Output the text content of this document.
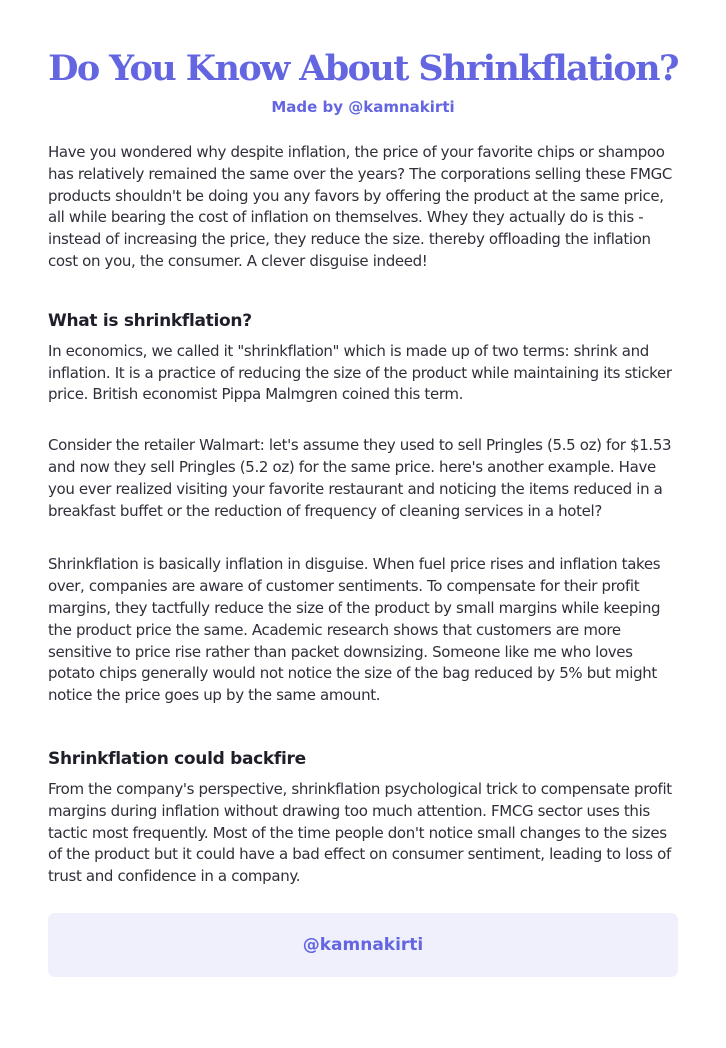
Do You Know About Shrinkflation?
Made by @kamnakirti

Have you wondered why despite inflation, the price of your favorite chips or shampoo has relatively remained the same over the years? The corporations selling these FMGC products shouldn't be doing you any favors by offering the product at the same price, all while bearing the cost of inflation on themselves. Whey they actually do is this - instead of increasing the price, they reduce the size. thereby offloading the inflation cost on you, the consumer. A clever disguise indeed!

What is shrinkflation?

In economics, we called it "shrinkflation" which is made up of two terms: shrink and inflation. It is a practice of reducing the size of the product while maintaining its sticker price. British economist Pippa Malmgren coined this term.

Consider the retailer Walmart: let's assume they used to sell Pringles (5.5 oz) for $1.53 and now they sell Pringles (5.2 oz) for the same price. here's another example. Have you ever realized visiting your favorite restaurant and noticing the items reduced in a breakfast buffet or the reduction of frequency of cleaning services in a hotel?

Shrinkflation is basically inflation in disguise. When fuel price rises and inflation takes over, companies are aware of customer sentiments. To compensate for their profit margins, they tactfully reduce the size of the product by small margins while keeping the product price the same. Academic research shows that customers are more sensitive to price rise rather than packet downsizing. Someone like me who loves potato chips generally would not notice the size of the bag reduced by 5% but might notice the price goes up by the same amount.

Shrinkflation could backfire

From the company's perspective, shrinkflation psychological trick to compensate profit margins during inflation without drawing too much attention. FMCG sector uses this tactic most frequently. Most of the time people don't notice small changes to the sizes of the product but it could have a bad effect on consumer sentiment, leading to loss of trust and confidence in a company.

@kamnakirti
